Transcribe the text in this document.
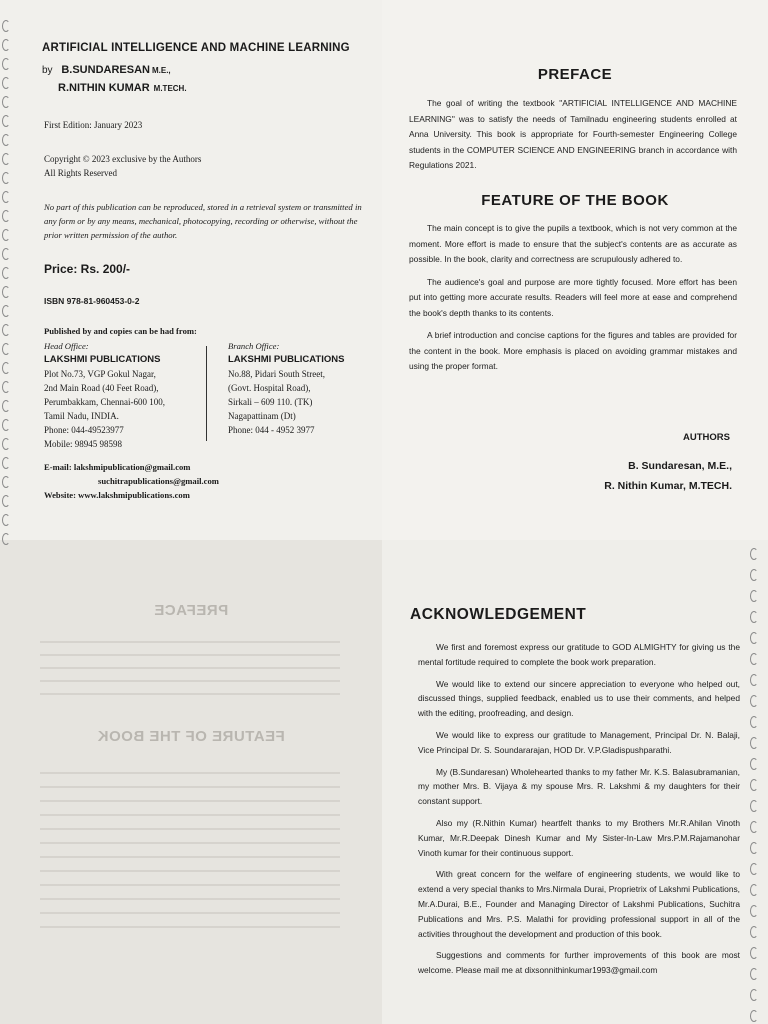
ARTIFICIAL INTELLIGENCE AND MACHINE LEARNING
by B.SUNDARESAN M.E.,
R.NITHIN KUMAR M.TECH.
First Edition: January 2023
Copyright © 2023 exclusive by the Authors
All Rights Reserved
No part of this publication can be reproduced, stored in a retrieval system or transmitted in any form or by any means, mechanical, photocopying, recording or otherwise, without the prior written permission of the author.
Price: Rs. 200/-
ISBN 978-81-960453-0-2
Published by and copies can be had from:
Head Office:
LAKSHMI PUBLICATIONS
Plot No.73, VGP Gokul Nagar,
2nd Main Road (40 Feet Road),
Perumbakkam, Chennai-600 100,
Tamil Nadu, INDIA.
Phone: 044-49523977
Mobile: 98945 98598
Branch Office:
LAKSHMI PUBLICATIONS
No.88, Pidari South Street,
(Govt. Hospital Road),
Sirkali – 609 110. (TK)
Nagapattinam (Dt)
Phone: 044 - 4952 3977
E-mail: lakshmipublication@gmail.com
suchitrapublications@gmail.com
Website: www.lakshmipublications.com
PREFACE

The goal of writing the textbook "ARTIFICIAL INTELLIGENCE AND MACHINE LEARNING" was to satisfy the needs of Tamilnadu engineering students enrolled at Anna University. This book is appropriate for Fourth-semester Engineering College students in the COMPUTER SCIENCE AND ENGINEERING branch in accordance with Regulations 2021.

FEATURE OF THE BOOK

The main concept is to give the pupils a textbook, which is not very common at the moment. More effort is made to ensure that the subject's contents are as accurate as possible. In the book, clarity and correctness are scrupulously adhered to.

The audience's goal and purpose are more tightly focused. More effort has been put into getting more accurate results. Readers will feel more at ease and comprehend the book's depth thanks to its contents.

A brief introduction and concise captions for the figures and tables are provided for the content in the book. More emphasis is placed on avoiding grammar mistakes and using the proper format.

AUTHORS
B. Sundaresan, M.E.,
R. Nithin Kumar, M.TECH.
PREFACE
FEATURE OF THE BOOK
ACKNOWLEDGEMENT

We first and foremost express our gratitude to GOD ALMIGHTY for giving us the mental fortitude required to complete the book work preparation.

We would like to extend our sincere appreciation to everyone who helped out, discussed things, supplied feedback, enabled us to use their comments, and helped with the editing, proofreading, and design.

We would like to express our gratitude to Management, Principal Dr. N. Balaji, Vice Principal Dr. S. Soundararajan, HOD Dr. V.P.Gladispushparathi.

My (B.Sundaresan) Wholehearted thanks to my father Mr. K.S. Balasubramanian, my mother Mrs. B. Vijaya & my spouse Mrs. R. Lakshmi & my daughters for their constant support.

Also my (R.Nithin Kumar) heartfelt thanks to my Brothers Mr.R.Ahilan Vinoth Kumar, Mr.R.Deepak Dinesh Kumar and My Sister-In-Law Mrs.P.M.Rajamanohar Vinoth kumar for their continuous support.

With great concern for the welfare of engineering students, we would like to extend a very special thanks to Mrs.Nirmala Durai, Proprietrix of Lakshmi Publications, Mr.A.Durai, B.E., Founder and Managing Director of Lakshmi Publications, Suchitra Publications and Mrs. P.S. Malathi for providing professional support in all of the activities throughout the development and production of this book.

Suggestions and comments for further improvements of this book are most welcome. Please mail me at dixsonnithinkumar1993@gmail.com
